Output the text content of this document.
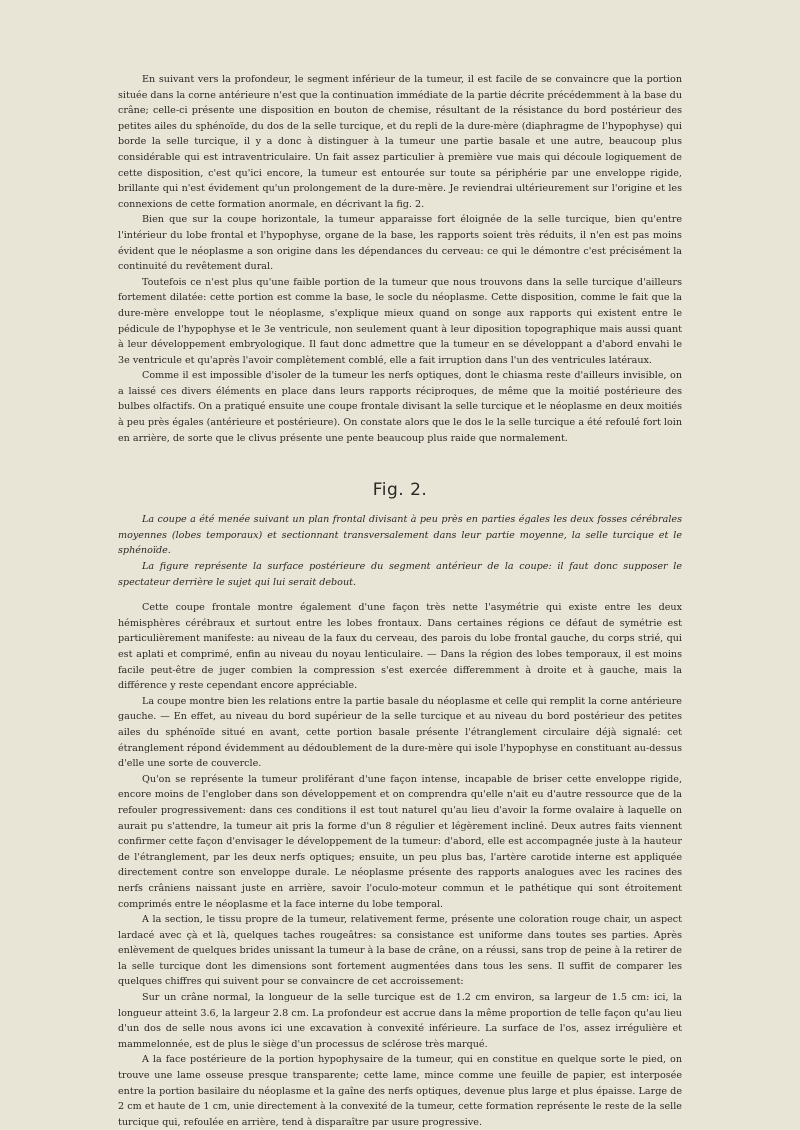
En suivant vers la profondeur, le segment inférieur de la tumeur, il est facile de se convaincre que la portion située dans la corne antérieure n'est que la continuation immédiate de la partie décrite précédemment à la base du crâne; celle-ci présente une disposition en bouton de chemise, résultant de la résistance du bord postérieur des petites ailes du sphénoïde, du dos de la selle turcique, et du repli de la dure-mère (diaphragme de l'hypophyse) qui borde la selle turcique, il y a donc à distinguer à la tumeur une partie basale et une autre, beaucoup plus considérable qui est intraventriculaire. Un fait assez particulier à première vue mais qui découle logiquement de cette disposition, c'est qu'ici encore, la tumeur est entourée sur toute sa périphérie par une enveloppe rigide, brillante qui n'est évidement qu'un prolongement de la dure-mère. Je reviendrai ultérieurement sur l'origine et les connexions de cette formation anormale, en décrivant la fig. 2.

Bien que sur la coupe horizontale, la tumeur apparaisse fort éloignée de la selle turcique, bien qu'entre l'intérieur du lobe frontal et l'hypophyse, organe de la base, les rapports soient très réduits, il n'en est pas moins évident que le néoplasme a son origine dans les dépendances du cerveau: ce qui le démontre c'est précisément la continuité du revêtement dural.

Toutefois ce n'est plus qu'une faible portion de la tumeur que nous trouvons dans la selle turcique d'ailleurs fortement dilatée: cette portion est comme la base, le socle du néoplasme. Cette disposition, comme le fait que la dure-mère enveloppe tout le néoplasme, s'explique mieux quand on songe aux rapports qui existent entre le pédicule de l'hypophyse et le 3e ventricule, non seulement quant à leur diposition topographique mais aussi quant à leur développement embryologique. Il faut donc admettre que la tumeur en se développant a d'abord envahi le 3e ventricule et qu'après l'avoir complètement comblé, elle a fait irruption dans l'un des ventricules latéraux.

Comme il est impossible d'isoler de la tumeur les nerfs optiques, dont le chiasma reste d'ailleurs invisible, on a laissé ces divers éléments en place dans leurs rapports réciproques, de même que la moitié postérieure des bulbes olfactifs. On a pratiqué ensuite une coupe frontale divisant la selle turcique et le néoplasme en deux moitiés à peu près égales (antérieure et postérieure). On constate alors que le dos le la selle turcique a été refoulé fort loin en arrière, de sorte que le clivus présente une pente beaucoup plus raide que normalement.

Fig. 2.

La coupe a été menée suivant un plan frontal divisant à peu près en parties égales les deux fosses cérébrales moyennes (lobes temporaux) et sectionnant transversalement dans leur partie moyenne, la selle turcique et le sphénoïde.

La figure représente la surface postérieure du segment antérieur de la coupe: il faut donc supposer le spectateur derrière le sujet qui lui serait debout.

Cette coupe frontale montre également d'une façon très nette l'asymétrie qui existe entre les deux hémisphères cérébraux et surtout entre les lobes frontaux. Dans certaines régions ce défaut de symétrie est particulièrement manifeste: au niveau de la faux du cerveau, des parois du lobe frontal gauche, du corps strié, qui est aplati et comprimé, enfin au niveau du noyau lenticulaire. — Dans la région des lobes temporaux, il est moins facile peut-être de juger combien la compression s'est exercée differemment à droite et à gauche, mais la différence y reste cependant encore appréciable.

La coupe montre bien les relations entre la partie basale du néoplasme et celle qui remplit la corne antérieure gauche. — En effet, au niveau du bord supérieur de la selle turcique et au niveau du bord postérieur des petites ailes du sphénoïde situé en avant, cette portion basale présente l'étranglement circulaire déjà signalé: cet étranglement répond évidemment au dédoublement de la dure-mère qui isole l'hypophyse en constituant au-dessus d'elle une sorte de couvercle.

Qu'on se représente la tumeur proliférant d'une façon intense, incapable de briser cette enveloppe rigide, encore moins de l'englober dans son développement et on comprendra qu'elle n'ait eu d'autre ressource que de la refouler progressivement: dans ces conditions il est tout naturel qu'au lieu d'avoir la forme ovalaire à laquelle on aurait pu s'attendre, la tumeur ait pris la forme d'un 8 régulier et légèrement incliné. Deux autres faits viennent confirmer cette façon d'envisager le développement de la tumeur: d'abord, elle est accompagnée juste à la hauteur de l'étranglement, par les deux nerfs optiques; ensuite, un peu plus bas, l'artère carotide interne est appliquée directement contre son enveloppe durale. Le néoplasme présente des rapports analogues avec les racines des nerfs crâniens naissant juste en arrière, savoir l'oculo-moteur commun et le pathétique qui sont étroitement comprimés entre le néoplasme et la face interne du lobe temporal.

A la section, le tissu propre de la tumeur, relativement ferme, présente une coloration rouge chair, un aspect lardacé avec çà et là, quelques taches rougeâtres: sa consistance est uniforme dans toutes ses parties. Après enlèvement de quelques brides unissant la tumeur à la base de crâne, on a réussi, sans trop de peine à la retirer de la selle turcique dont les dimensions sont fortement augmentées dans tous les sens. Il suffit de comparer les quelques chiffres qui suivent pour se convaincre de cet accroissement:

Sur un crâne normal, la longueur de la selle turcique est de 1.2 cm environ, sa largeur de 1.5 cm: ici, la longueur atteint 3.6, la largeur 2.8 cm. La profondeur est accrue dans la même proportion de telle façon qu'au lieu d'un dos de selle nous avons ici une excavation à convexité inférieure. La surface de l'os, assez irrégulière et mammelonnée, est de plus le siège d'un processus de sclérose très marqué.

A la face postérieure de la portion hypophysaire de la tumeur, qui en constitue en quelque sorte le pied, on trouve une lame osseuse presque transparente; cette lame, mince comme une feuille de papier, est interposée entre la portion basilaire du néoplasme et la gaîne des nerfs optiques, devenue plus large et plus épaisse. Large de 2 cm et haute de 1 cm, unie directement à la convexité de la tumeur, cette formation représente le reste de la selle turcique qui, refoulée en arrière, tend à disparaître par usure progressive.
